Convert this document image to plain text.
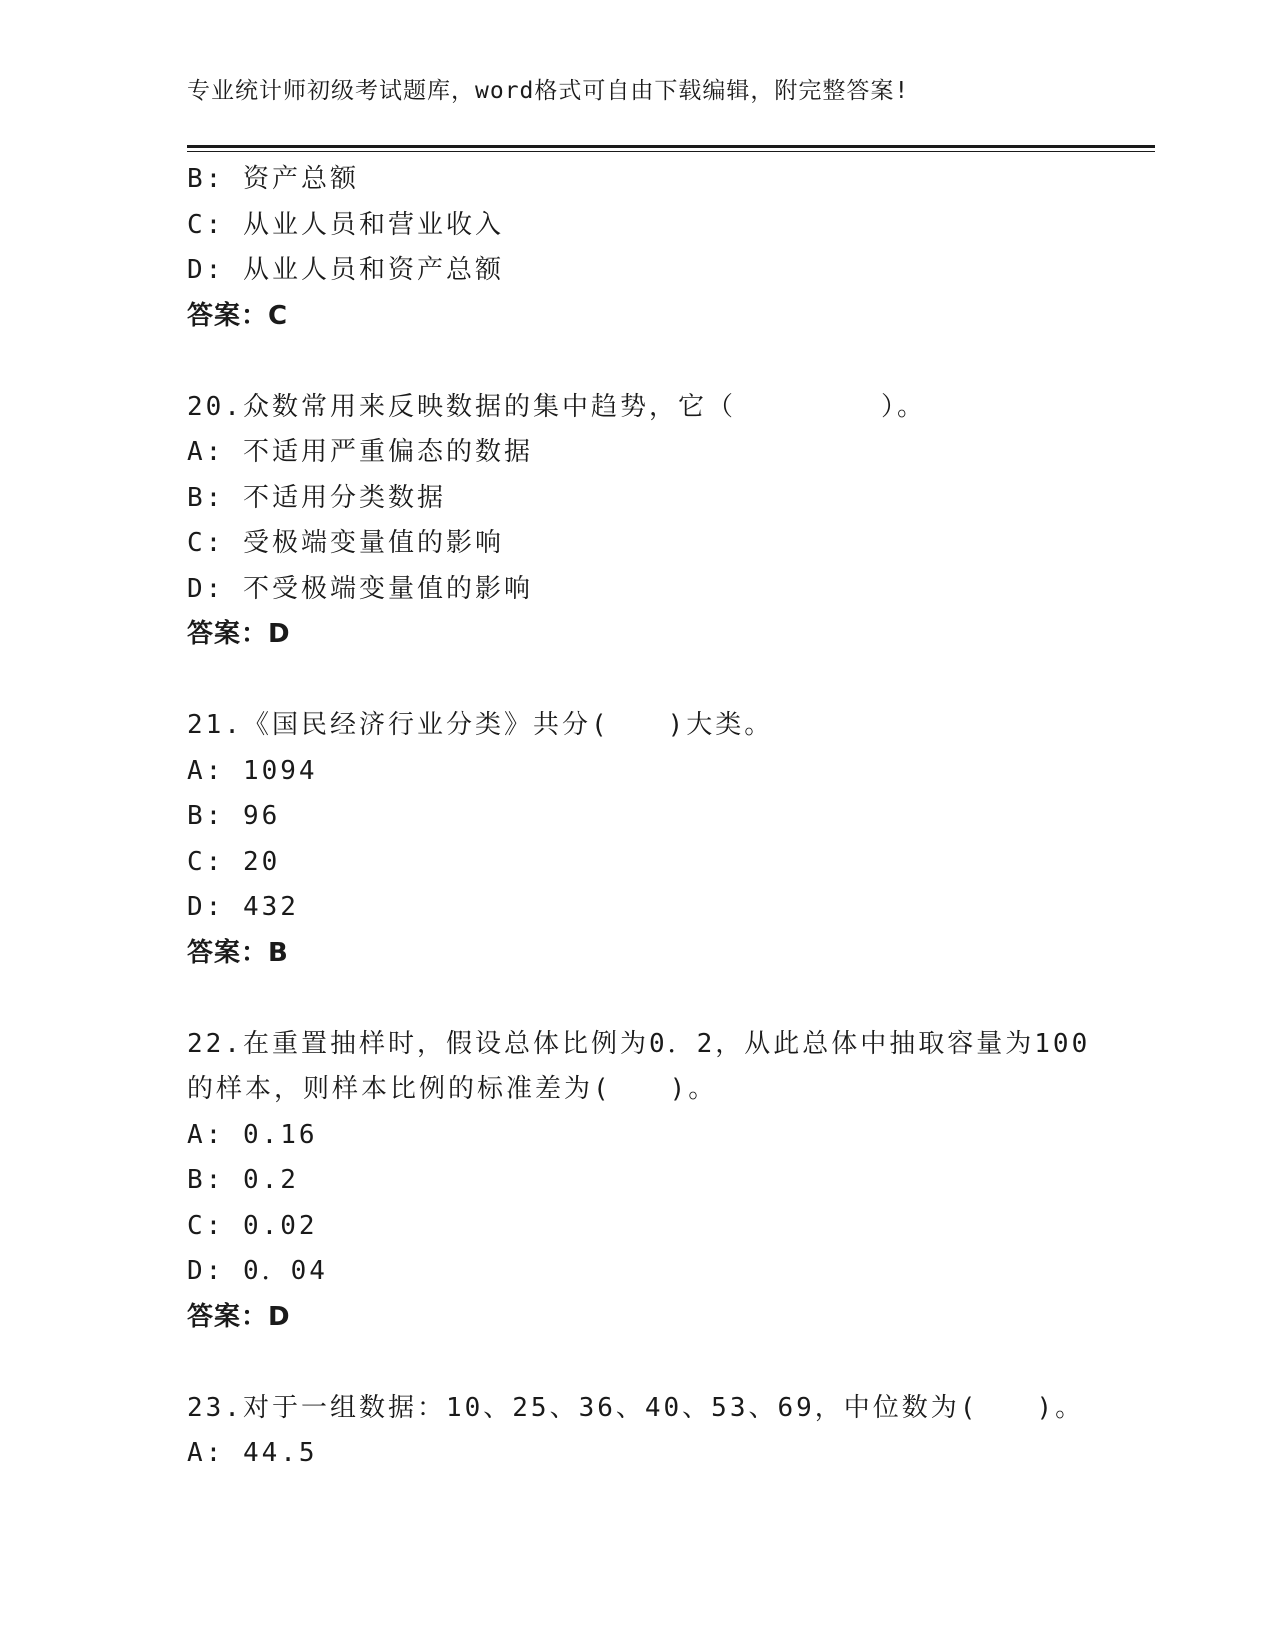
专业统计师初级考试题库，word格式可自由下载编辑，附完整答案!
B: 资产总额
C: 从业人员和营业收入
D: 从业人员和资产总额
答案：C
20.众数常用来反映数据的集中趋势，它（　　　　　）。
A: 不适用严重偏态的数据
B: 不适用分类数据
C: 受极端变量值的影响
D: 不受极端变量值的影响
答案：D
21.《国民经济行业分类》共分(　　)大类。
A: 1094
B: 96
C: 20
D: 432
答案：B
22.在重置抽样时，假设总体比例为0．2，从此总体中抽取容量为100
的样本，则样本比例的标准差为(　　)。
A: 0.16
B: 0.2
C: 0.02
D: 0．04
答案：D
23.对于一组数据：10、25、36、40、53、69，中位数为(　　)。
A: 44.5
